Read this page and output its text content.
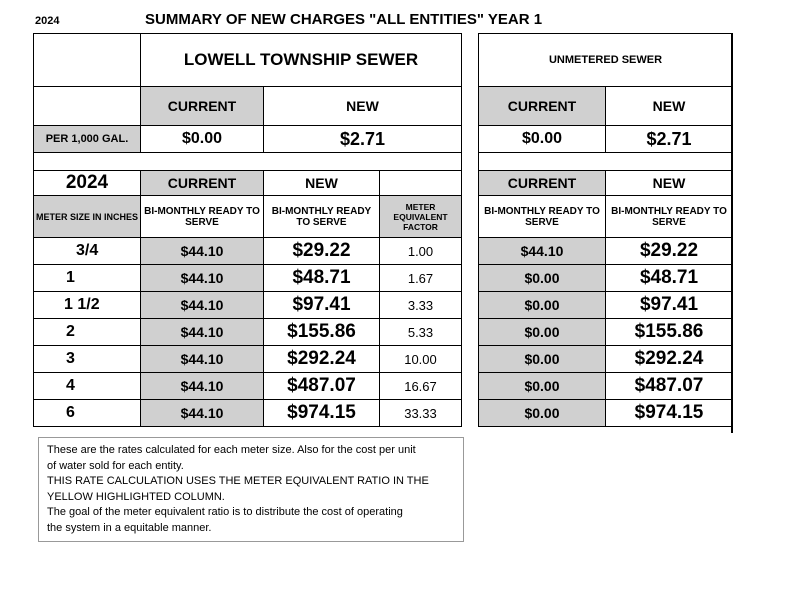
2024	SUMMARY OF NEW CHARGES "ALL ENTITIES" YEAR 1
	LOWELL TOWNSHIP SEWER		
	CURRENT	NEW	
PER 1,000 GAL.	$0.00	$2.71	

2024	CURRENT	NEW	
METER SIZE IN INCHES	BI-MONTHLY READY TO SERVE	BI-MONTHLY READY TO SERVE	METER EQUIVALENT FACTOR
3/4	$44.10	$29.22	1.00
1	$44.10	$48.71	1.67
1 1/2	$44.10	$97.41	3.33
2	$44.10	$155.86	5.33
3	$44.10	$292.24	10.00
4	$44.10	$487.07	16.67
6	$44.10	$974.15	33.33
UNMETERED SEWER	
CURRENT	NEW
$0.00	$2.71

CURRENT	NEW
BI-MONTHLY READY TO SERVE	BI-MONTHLY READY TO SERVE
$44.10	$29.22
$0.00	$48.71
$0.00	$97.41
$0.00	$155.86
$0.00	$292.24
$0.00	$487.07
$0.00	$974.15
These are the rates calculated for each meter size. Also for the cost per unit
of water sold for each entity.
THIS RATE CALCULATION USES THE METER EQUIVALENT RATIO IN THE
YELLOW HIGHLIGHTED COLUMN.
The goal of the meter equivalent ratio is to distribute the cost of operating
the system in a equitable manner.
